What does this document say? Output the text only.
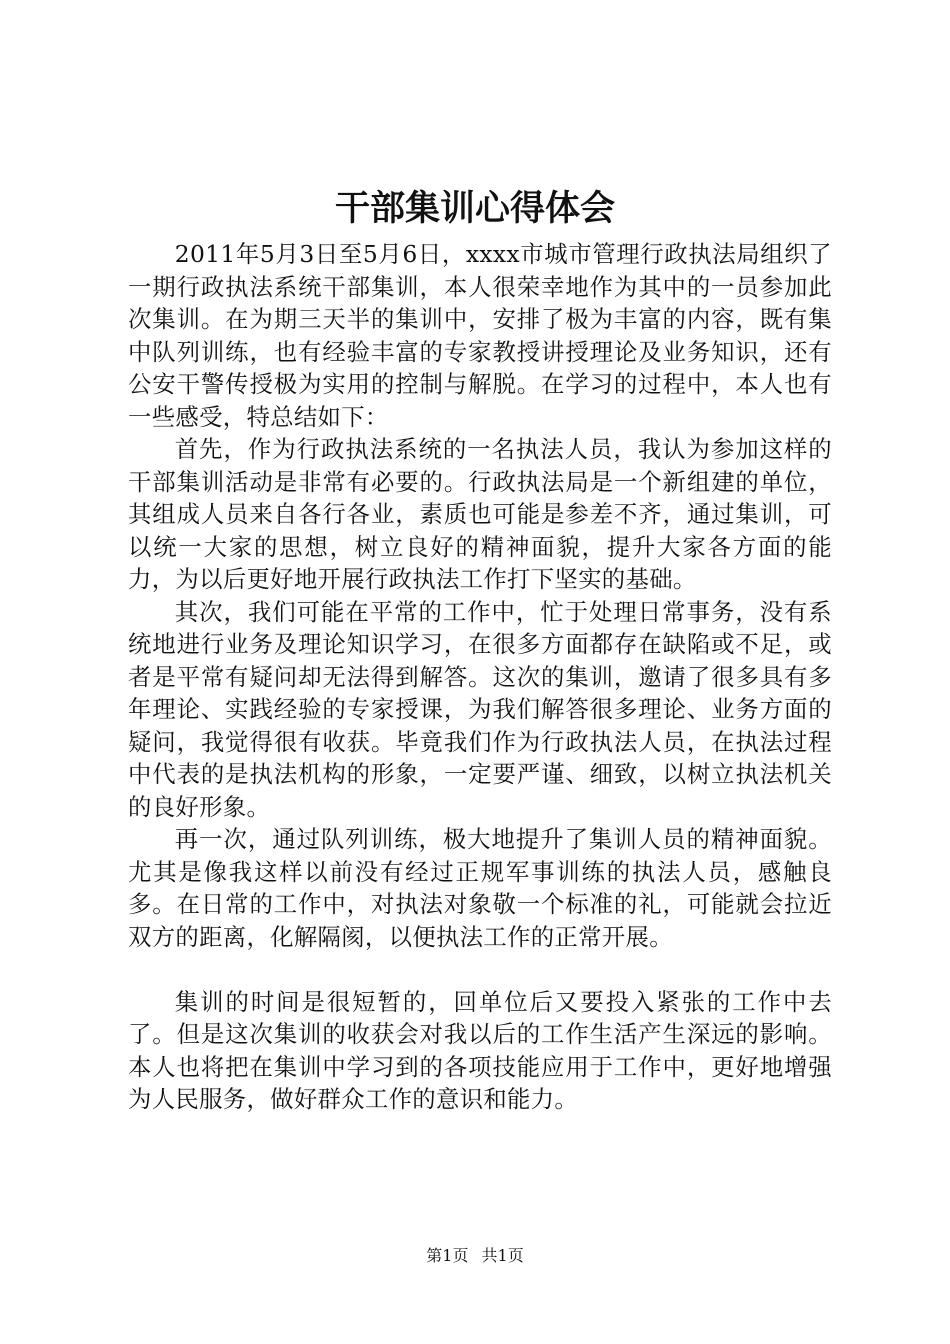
干部集训心得体会

2011年5月3日至5月6日，xxxx市城市管理行政执法局组织了一期行政执法系统干部集训，本人很荣幸地作为其中的一员参加此次集训。在为期三天半的集训中，安排了极为丰富的内容，既有集中队列训练，也有经验丰富的专家教授讲授理论及业务知识，还有公安干警传授极为实用的控制与解脱。在学习的过程中，本人也有一些感受，特总结如下：

首先，作为行政执法系统的一名执法人员，我认为参加这样的干部集训活动是非常有必要的。行政执法局是一个新组建的单位，其组成人员来自各行各业，素质也可能是参差不齐，通过集训，可以统一大家的思想，树立良好的精神面貌，提升大家各方面的能力，为以后更好地开展行政执法工作打下坚实的基础。

其次，我们可能在平常的工作中，忙于处理日常事务，没有系统地进行业务及理论知识学习，在很多方面都存在缺陷或不足，或者是平常有疑问却无法得到解答。这次的集训，邀请了很多具有多年理论、实践经验的专家授课，为我们解答很多理论、业务方面的疑问，我觉得很有收获。毕竟我们作为行政执法人员，在执法过程中代表的是执法机构的形象，一定要严谨、细致，以树立执法机关的良好形象。

再一次，通过队列训练，极大地提升了集训人员的精神面貌。尤其是像我这样以前没有经过正规军事训练的执法人员，感触良多。在日常的工作中，对执法对象敬一个标准的礼，可能就会拉近双方的距离，化解隔阂，以便执法工作的正常开展。

集训的时间是很短暂的，回单位后又要投入紧张的工作中去了。但是这次集训的收获会对我以后的工作生活产生深远的影响。本人也将把在集训中学习到的各项技能应用于工作中，更好地增强为人民服务，做好群众工作的意识和能力。

第1页 共1页
